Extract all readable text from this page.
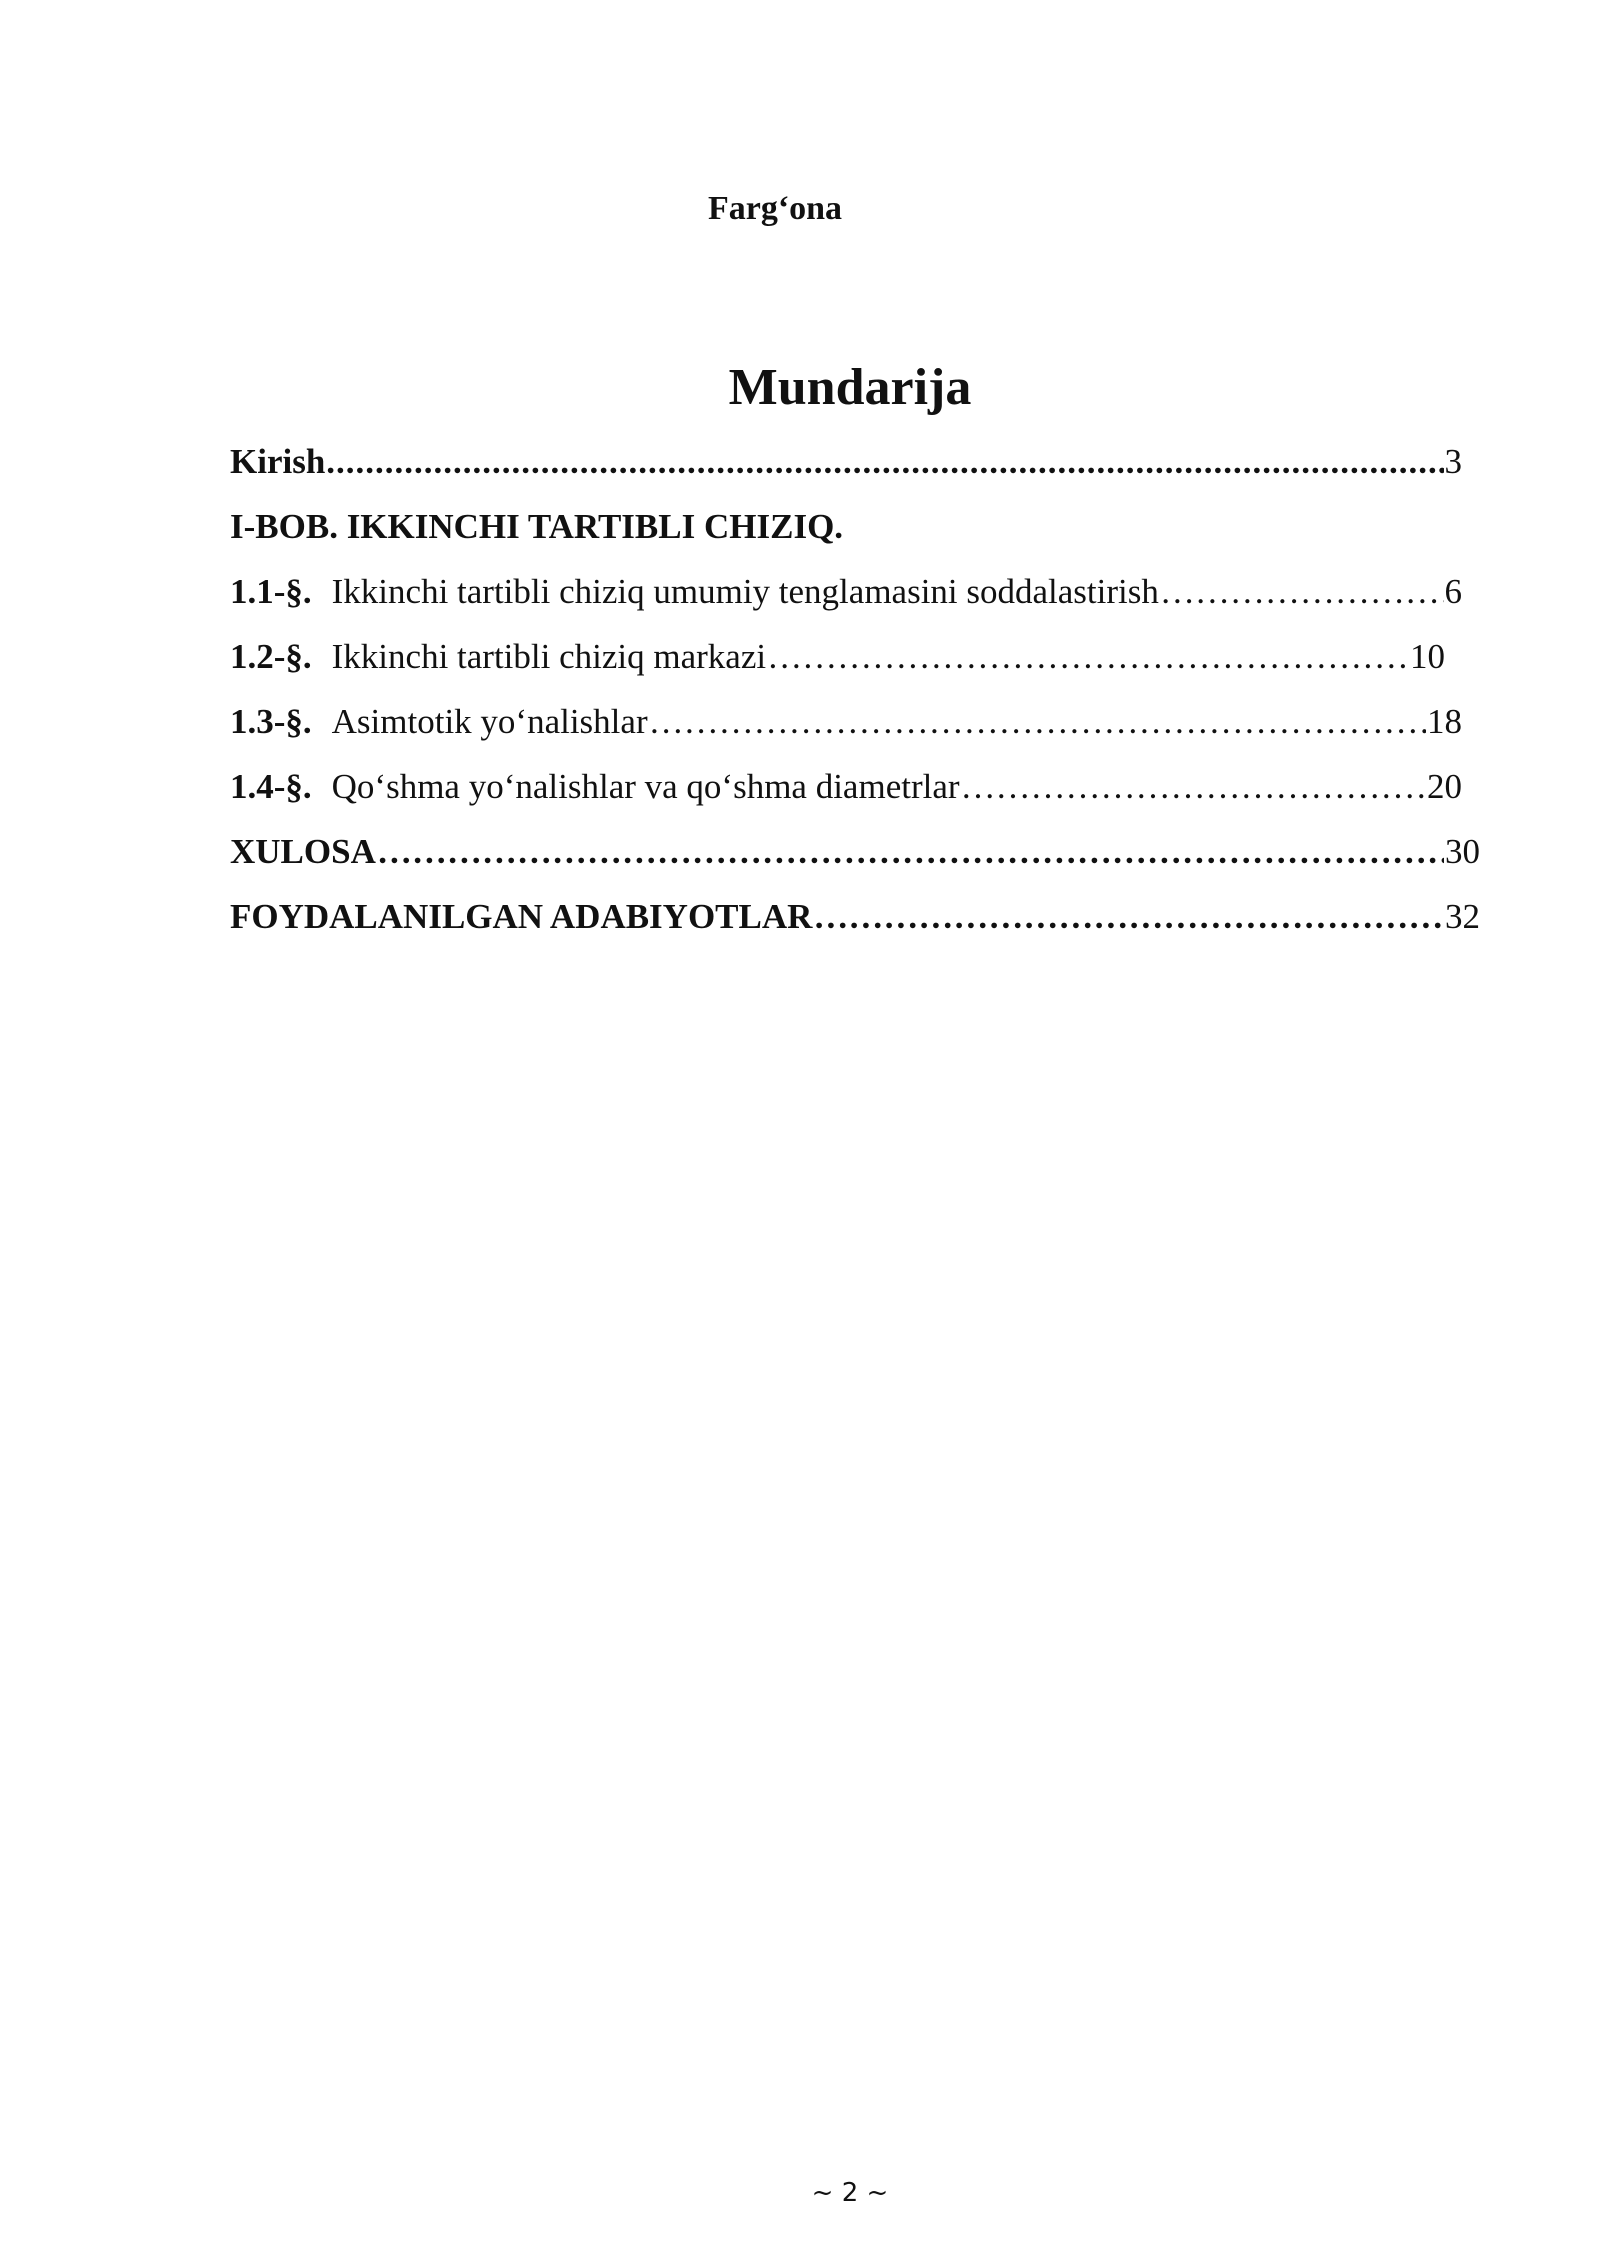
Farg‘ona
Mundarija
Kirish .....	3
I-BOB. IKKINCHI TARTIBLI CHIZIQ.
1.1-§. Ikkinchi tartibli chiziq umumiy tenglamasini soddalastirish ……………………………………………………………………………………………………………………………………………………………………………………………………………………	6
1.2-§. Ikkinchi tartibli chiziq markazi ……………………………………………………………………………………………………………………………………………………………………………………………………………………	10
1.3-§. Asimtotik yo‘nalishlar ……………………………………………………………………………………………………………………………………………………………………………………………………………………	18
1.4-§. Qo‘shma yo‘nalishlar va qo‘shma diametrlar ……………………………………………………………………………………………………………………………………………………………………………………………………………………	20
XULOSA ……………………………………………………………………………………………………………………………………………………………………………………………………………………	30
FOYDALANILGAN ADABIYOTLAR ……………………………………………………………………………………………………………………………………………………………………………………………………………………	32
~ 2 ~
